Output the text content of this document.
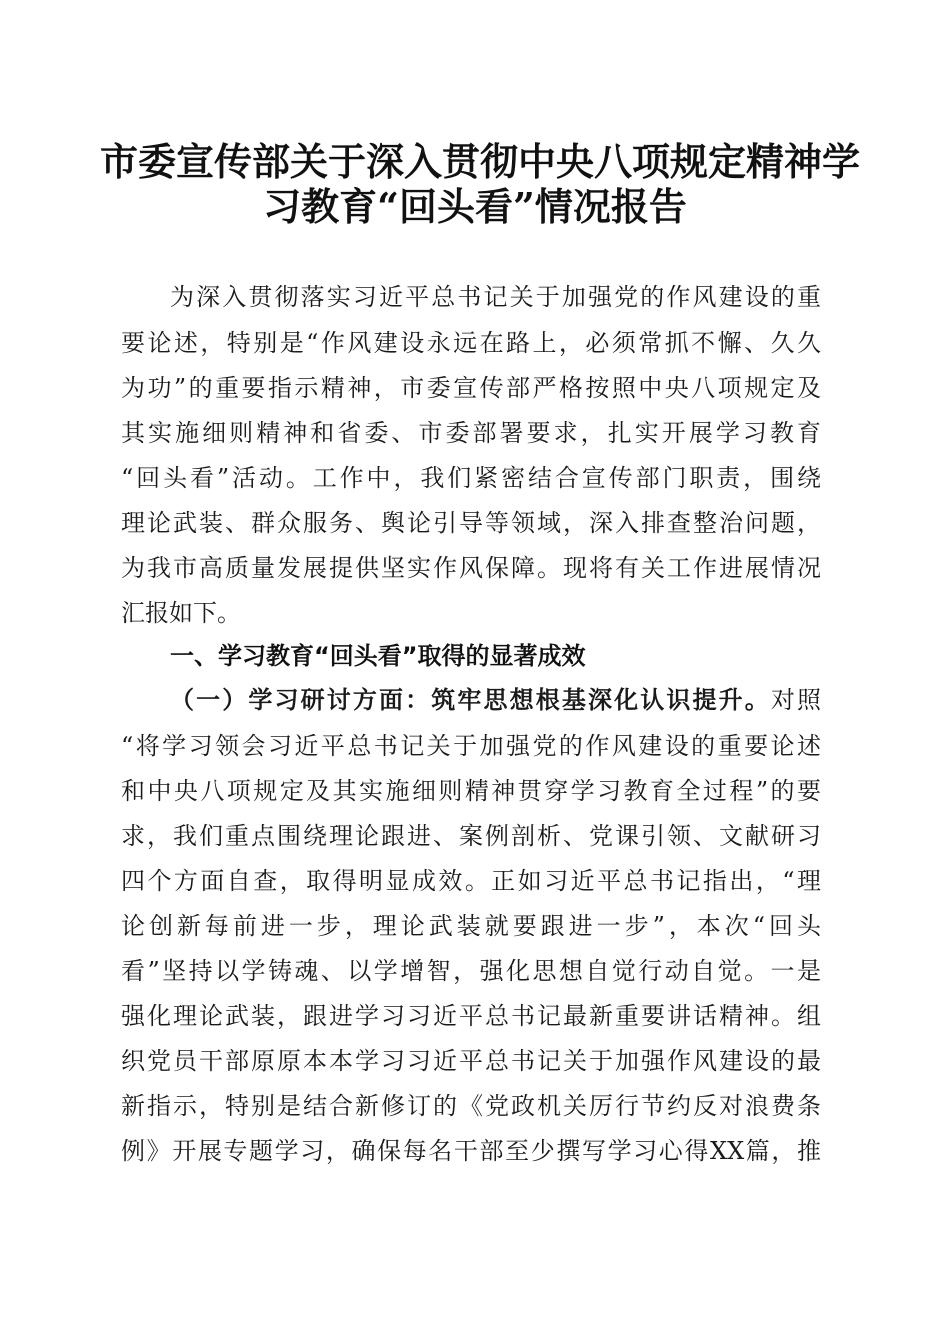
市委宣传部关于深入贯彻中央八项规定精神学
习教育“回头看”情况报告
为深入贯彻落实习近平总书记关于加强党的作风建设的重
要论述，特别是“作风建设永远在路上，必须常抓不懈、久久
为功”的重要指示精神，市委宣传部严格按照中央八项规定及
其实施细则精神和省委、市委部署要求，扎实开展学习教育
“回头看”活动。工作中，我们紧密结合宣传部门职责，围绕
理论武装、群众服务、舆论引导等领域，深入排查整治问题，
为我市高质量发展提供坚实作风保障。现将有关工作进展情况
汇报如下。
一、学习教育“回头看”取得的显著成效
（一）学习研讨方面：筑牢思想根基深化认识提升。对照
“将学习领会习近平总书记关于加强党的作风建设的重要论述
和中央八项规定及其实施细则精神贯穿学习教育全过程”的要
求，我们重点围绕理论跟进、案例剖析、党课引领、文献研习
四个方面自查，取得明显成效。正如习近平总书记指出，“理
论创新每前进一步，理论武装就要跟进一步”，本次“回头
看”坚持以学铸魂、以学增智，强化思想自觉行动自觉。一是
强化理论武装，跟进学习习近平总书记最新重要讲话精神。组
织党员干部原原本本学习习近平总书记关于加强作风建设的最
新指示，特别是结合新修订的《党政机关厉行节约反对浪费条
例》开展专题学习，确保每名干部至少撰写学习心得XX篇，推
